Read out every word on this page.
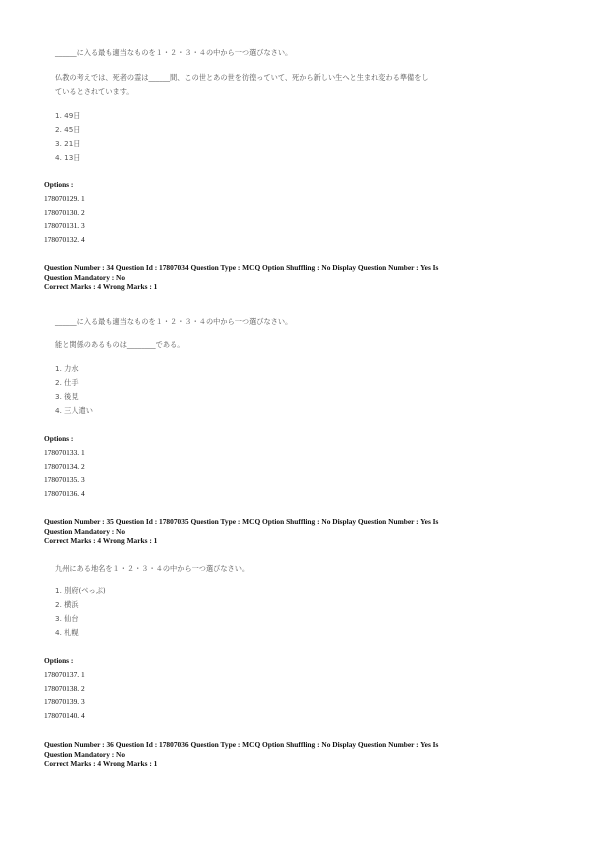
______に入る最も適当なものを１・２・３・４の中から一つ選びなさい。
仏教の考えでは、死者の霊は______間、この世とあの世を彷徨っていて、死から新しい生へと生まれ変わる準備をし
ているとされています。
1. 49日
2. 45日
3. 21日
4. 13日
Options :
178070129. 1
178070130. 2
178070131. 3
178070132. 4
Question Number : 34 Question Id : 17807034 Question Type : MCQ Option Shuffling : No Display Question Number : Yes Is
Question Mandatory : No
Correct Marks : 4 Wrong Marks : 1
______に入る最も適当なものを１・２・３・４の中から一つ選びなさい。
能と関係のあるものは________である。
1. 力水
2. 仕手
3. 後見
4. 三人遣い
Options :
178070133. 1
178070134. 2
178070135. 3
178070136. 4
Question Number : 35 Question Id : 17807035 Question Type : MCQ Option Shuffling : No Display Question Number : Yes Is
Question Mandatory : No
Correct Marks : 4 Wrong Marks : 1
九州にある地名を１・２・３・４の中から一つ選びなさい。
1. 別府(べっぷ)
2. 横浜
3. 仙台
4. 札幌
Options :
178070137. 1
178070138. 2
178070139. 3
178070140. 4
Question Number : 36 Question Id : 17807036 Question Type : MCQ Option Shuffling : No Display Question Number : Yes Is
Question Mandatory : No
Correct Marks : 4 Wrong Marks : 1
